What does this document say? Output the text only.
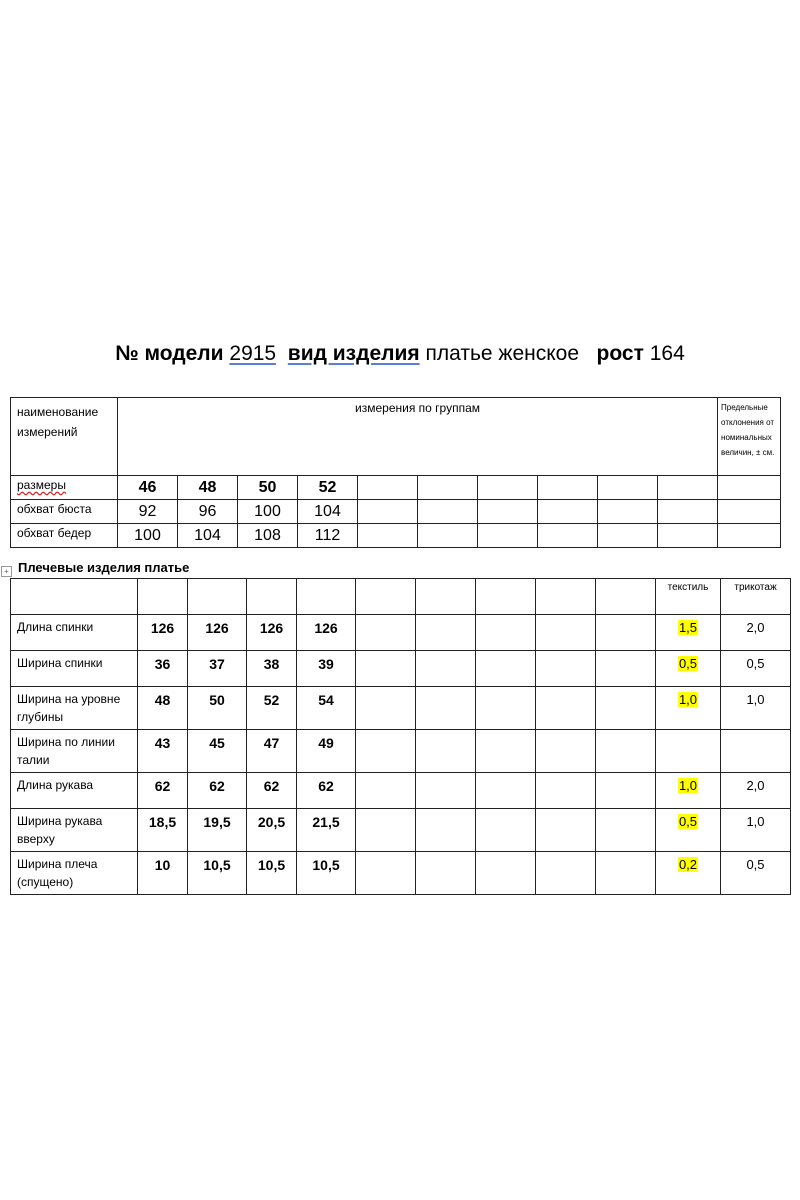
№ модели 2915 вид изделия платье женское рост 164
наименование измерений	измерения по группам										Предельные отклонения от номинальных величин, ± см.
размеры	46	48	50	52							
обхват бюста	92	96	100	104							
обхват бедер	100	104	108	112							
+ Плечевые изделия платье
										текстиль	трикотаж
Длина спинки	126	126	126	126						1,5	2,0
Ширина спинки	36	37	38	39						0,5	0,5
Ширина на уровне глубины	48	50	52	54						1,0	1,0
Ширина по линии талии	43	45	47	49							
Длина рукава	62	62	62	62						1,0	2,0
Ширина рукава вверху	18,5	19,5	20,5	21,5						0,5	1,0
Ширина плеча (спущено)	10	10,5	10,5	10,5						0,2	0,5
